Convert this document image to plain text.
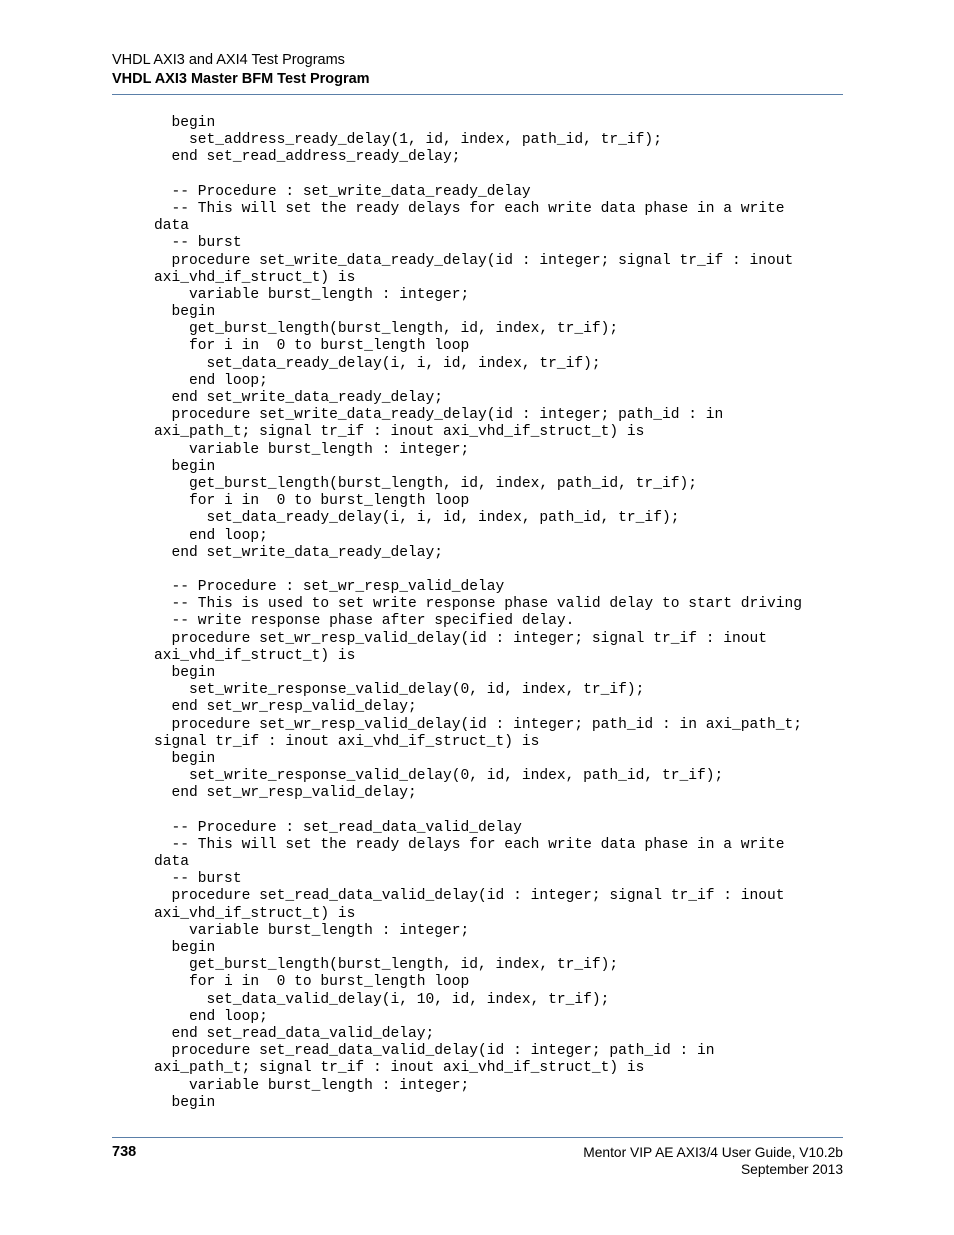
VHDL AXI3 and AXI4 Test Programs
VHDL AXI3 Master BFM Test Program
begin
set_address_ready_delay(1, id, index, path_id, tr_if);
end set_read_address_ready_delay;
-- Procedure : set_write_data_ready_delay
-- This will set the ready delays for each write data phase in a write
data
-- burst
procedure set_write_data_ready_delay(id : integer; signal tr_if : inout
axi_vhd_if_struct_t) is
variable burst_length : integer;
begin
get_burst_length(burst_length, id, index, tr_if);
for i in  0 to burst_length loop
set_data_ready_delay(i, i, id, index, tr_if);
end loop;
end set_write_data_ready_delay;
procedure set_write_data_ready_delay(id : integer; path_id : in
axi_path_t; signal tr_if : inout axi_vhd_if_struct_t) is
variable burst_length : integer;
begin
get_burst_length(burst_length, id, index, path_id, tr_if);
for i in  0 to burst_length loop
set_data_ready_delay(i, i, id, index, path_id, tr_if);
end loop;
end set_write_data_ready_delay;
-- Procedure : set_wr_resp_valid_delay
-- This is used to set write response phase valid delay to start driving
-- write response phase after specified delay.
procedure set_wr_resp_valid_delay(id : integer; signal tr_if : inout
axi_vhd_if_struct_t) is
begin
set_write_response_valid_delay(0, id, index, tr_if);
end set_wr_resp_valid_delay;
procedure set_wr_resp_valid_delay(id : integer; path_id : in axi_path_t;
signal tr_if : inout axi_vhd_if_struct_t) is
begin
set_write_response_valid_delay(0, id, index, path_id, tr_if);
end set_wr_resp_valid_delay;
-- Procedure : set_read_data_valid_delay
-- This will set the ready delays for each write data phase in a write
data
-- burst
procedure set_read_data_valid_delay(id : integer; signal tr_if : inout
axi_vhd_if_struct_t) is
variable burst_length : integer;
begin
get_burst_length(burst_length, id, index, tr_if);
for i in  0 to burst_length loop
set_data_valid_delay(i, 10, id, index, tr_if);
end loop;
end set_read_data_valid_delay;
procedure set_read_data_valid_delay(id : integer; path_id : in
axi_path_t; signal tr_if : inout axi_vhd_if_struct_t) is
variable burst_length : integer;
begin
738	Mentor VIP AE AXI3/4 User Guide, V10.2b
September 2013
